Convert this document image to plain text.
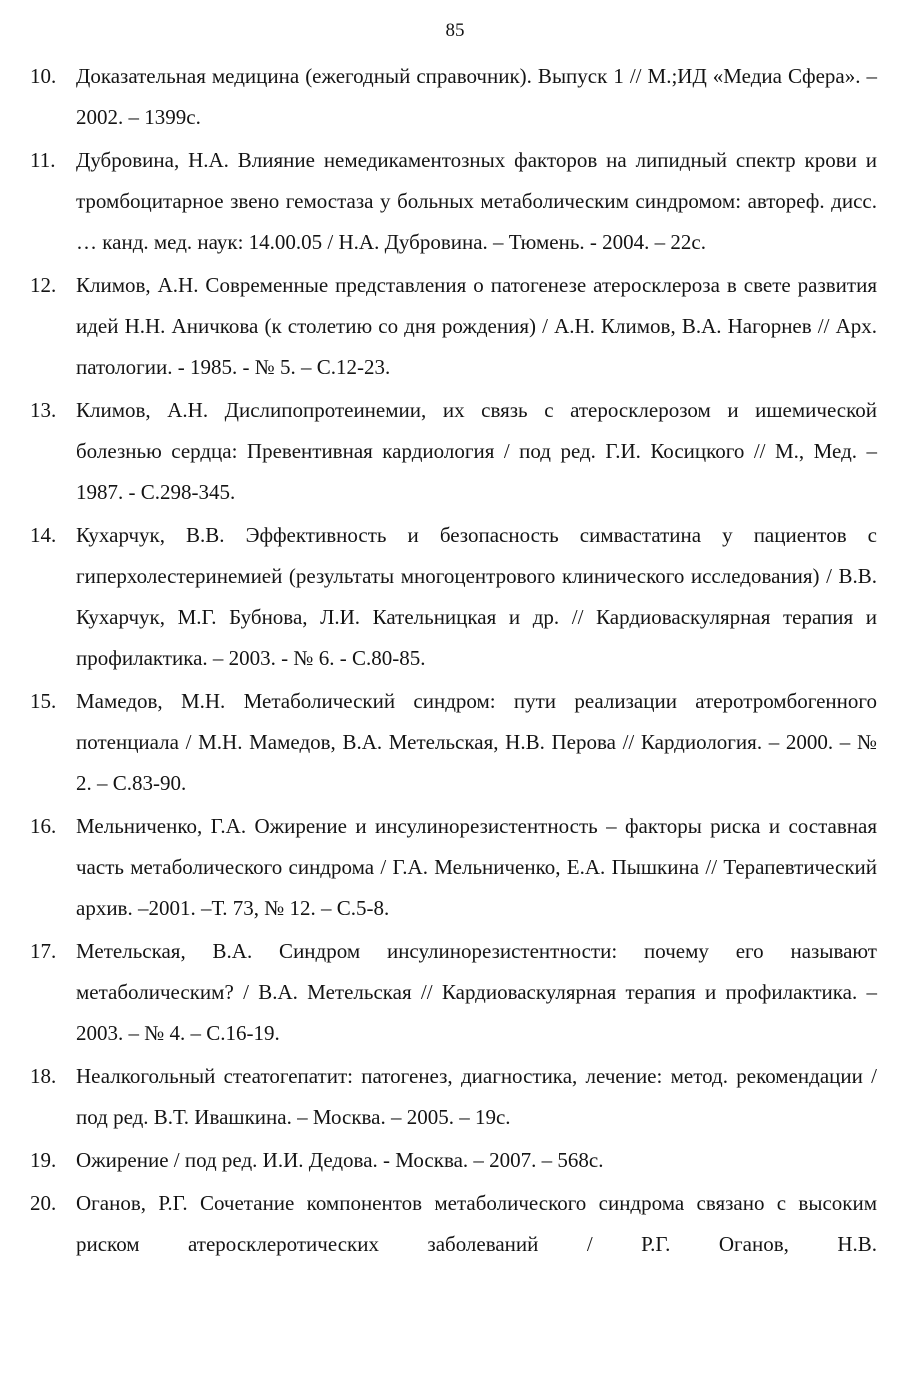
85
10. Доказательная медицина (ежегодный справочник). Выпуск 1 // М.;ИД «Медиа Сфера». – 2002. – 1399с.
11. Дубровина, Н.А. Влияние немедикаментозных факторов на липидный спектр крови и тромбоцитарное звено гемостаза у больных метаболическим синдромом: автореф. дисс. … канд. мед. наук: 14.00.05 / Н.А. Дубровина. – Тюмень. - 2004. – 22с.
12. Климов, А.Н. Современные представления о патогенезе атеросклероза в свете развития идей Н.Н. Аничкова (к столетию со дня рождения) / А.Н. Климов, В.А. Нагорнев // Арх. патологии. - 1985. - № 5. – С.12-23.
13. Климов, А.Н. Дислипопротеинемии, их связь с атеросклерозом и ишемической болезнью сердца: Превентивная кардиология / под ред. Г.И. Косицкого // М., Мед. – 1987. - С.298-345.
14. Кухарчук, В.В. Эффективность и безопасность симвастатина у пациентов с гиперхолестеринемией (результаты многоцентрового клинического исследования) / В.В. Кухарчук, М.Г. Бубнова, Л.И. Кательницкая и др. // Кардиоваскулярная терапия и профилактика. – 2003. - № 6. - С.80-85.
15. Мамедов, М.Н. Метаболический синдром: пути реализации атеротромбогенного потенциала / М.Н. Мамедов, В.А. Метельская, Н.В. Перова // Кардиология. – 2000. – № 2. – С.83-90.
16. Мельниченко, Г.А. Ожирение и инсулинорезистентность – факторы риска и составная часть метаболического синдрома / Г.А. Мельниченко, Е.А. Пышкина // Терапевтический архив. –2001. –Т. 73, № 12. – С.5-8.
17. Метельская, В.А. Синдром инсулинорезистентности: почему его называют метаболическим? / В.А. Метельская // Кардиоваскулярная терапия и профилактика. –2003. – № 4. – С.16-19.
18. Неалкогольный стеатогепатит: патогенез, диагностика, лечение: метод. рекомендации / под ред. В.Т. Ивашкина. – Москва. – 2005. – 19с.
19. Ожирение / под ред. И.И. Дедова. - Москва. – 2007. – 568с.
20. Оганов, Р.Г. Сочетание компонентов метаболического синдрома связано с высоким риском атеросклеротических заболеваний / Р.Г. Оганов, Н.В.
